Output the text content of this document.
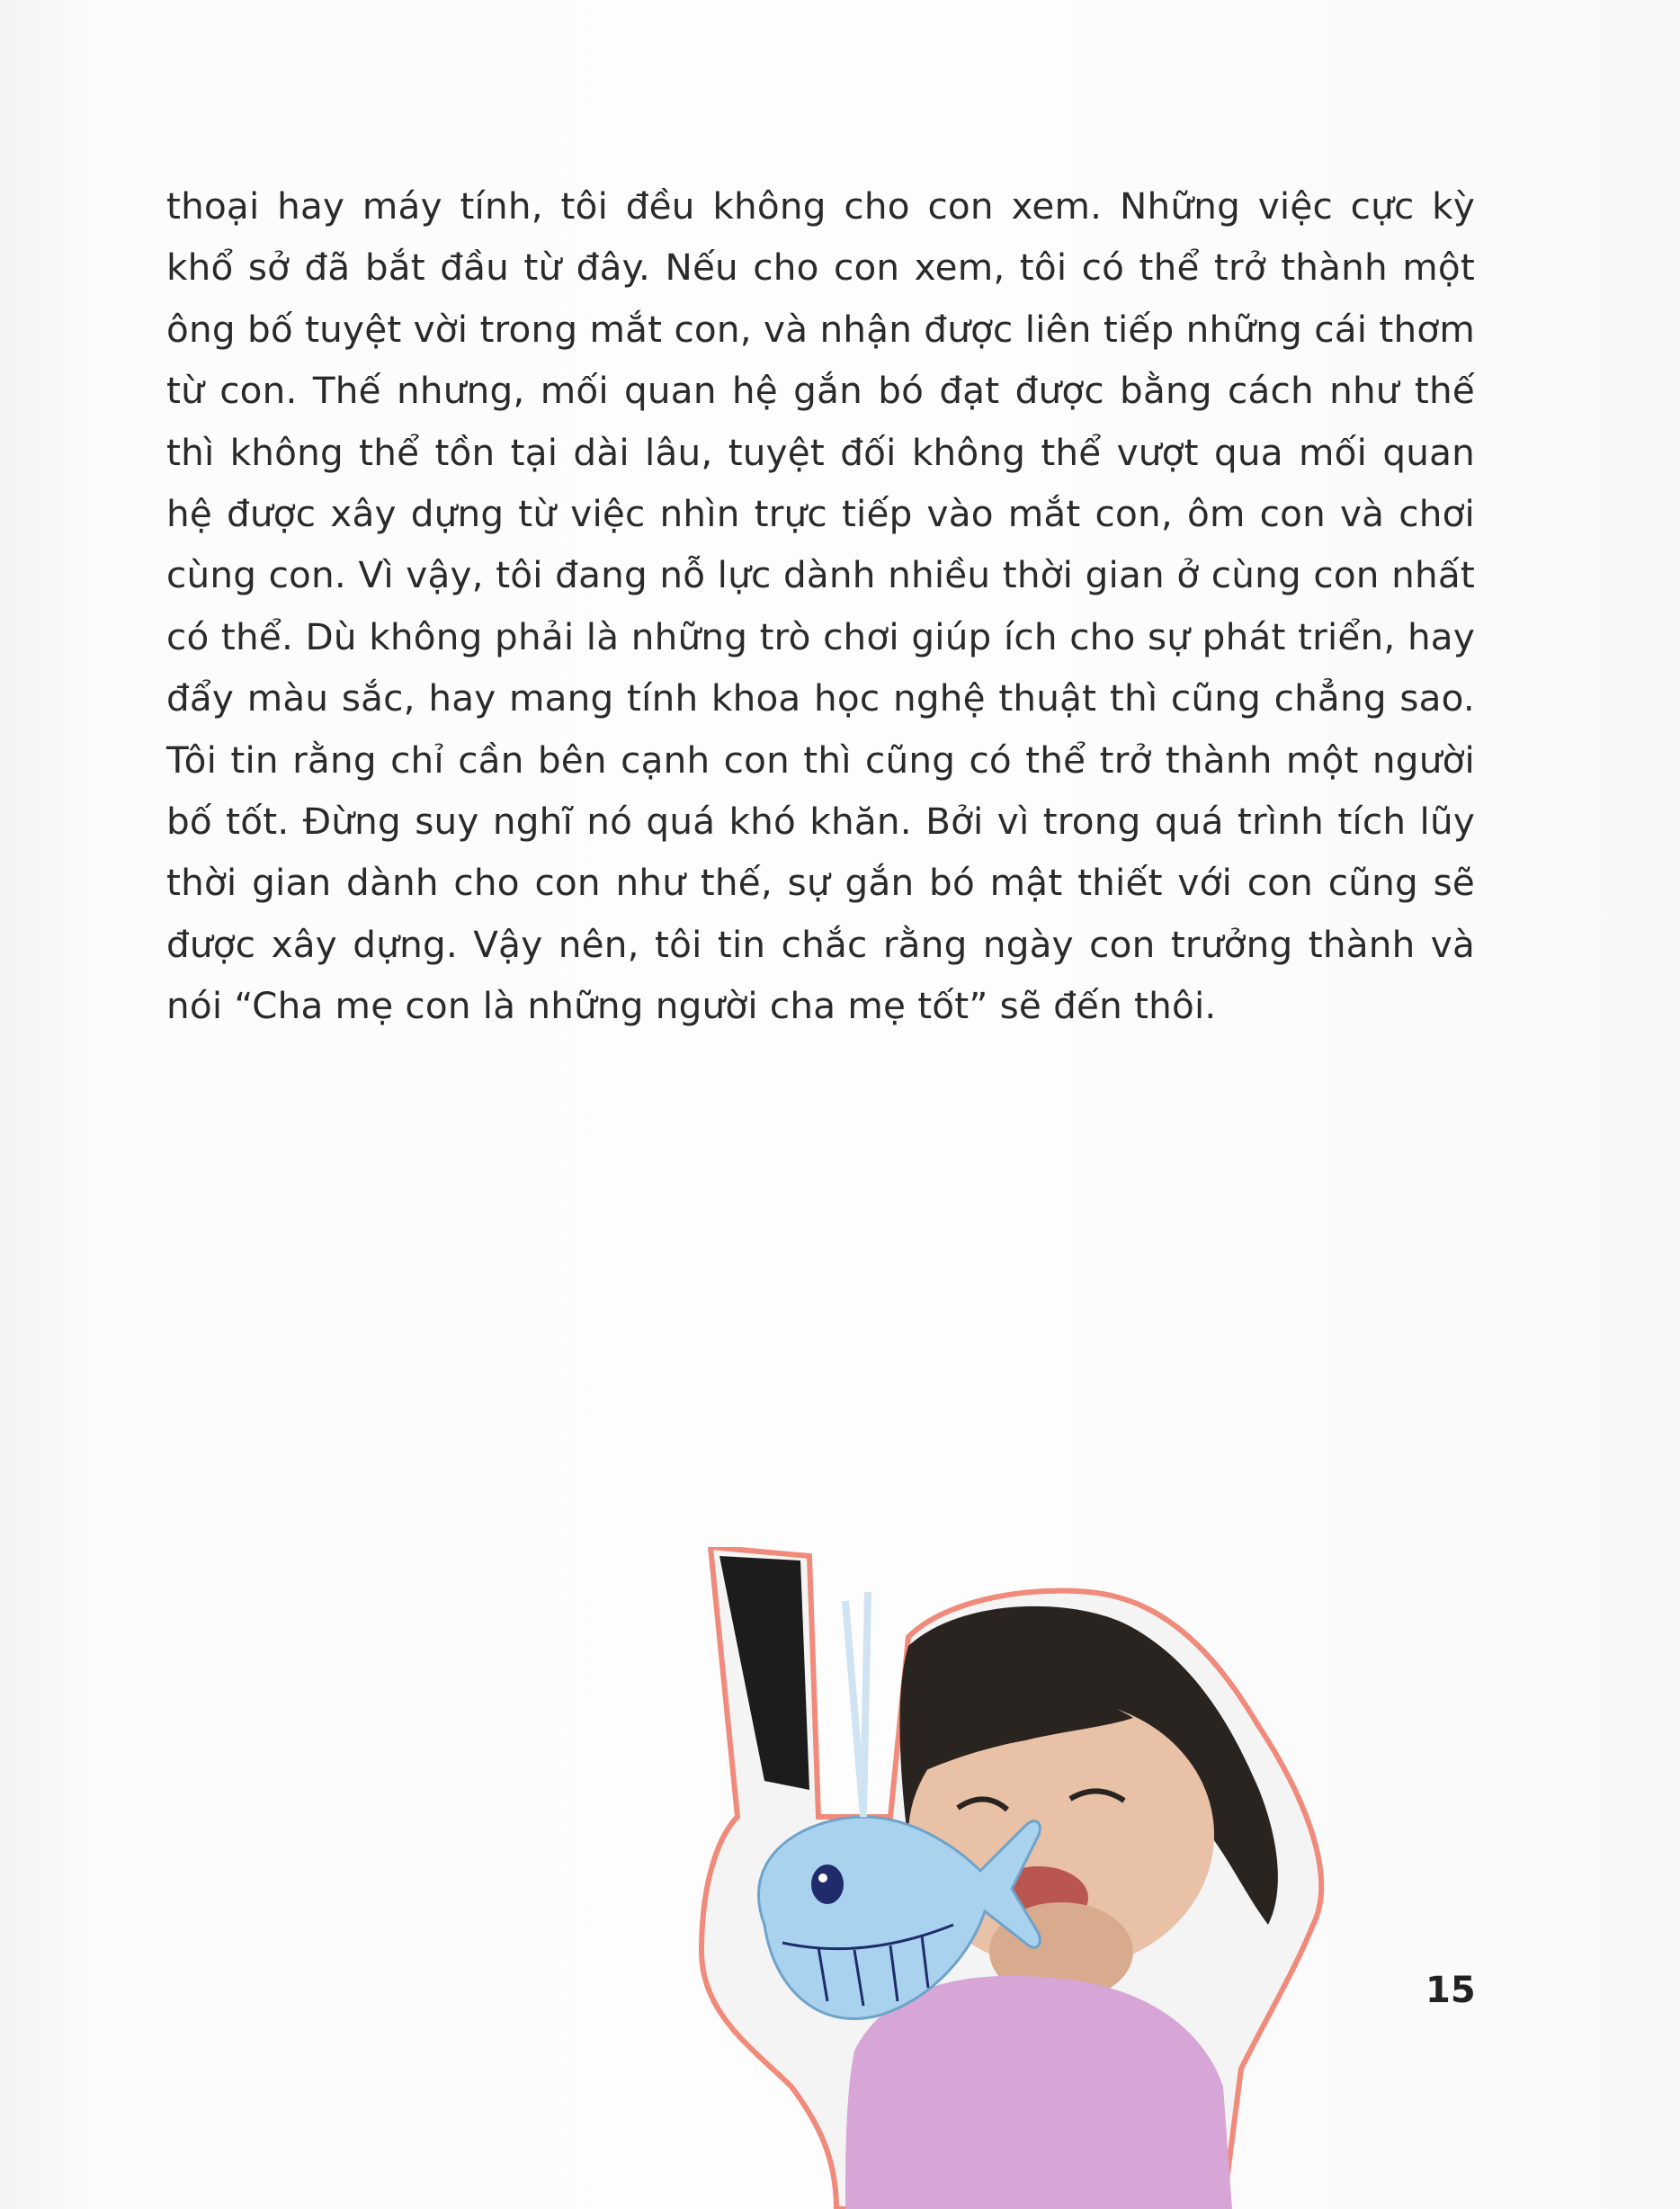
thoại hay máy tính, tôi đều không cho con xem. Những việc cực kỳ khổ sở đã bắt đầu từ đây. Nếu cho con xem, tôi có thể trở thành một ông bố tuyệt vời trong mắt con, và nhận được liên tiếp những cái thơm từ con. Thế nhưng, mối quan hệ gắn bó đạt được bằng cách như thế thì không thể tồn tại dài lâu, tuyệt đối không thể vượt qua mối quan hệ được xây dựng từ việc nhìn trực tiếp vào mắt con, ôm con và chơi cùng con. Vì vậy, tôi đang nỗ lực dành nhiều thời gian ở cùng con nhất có thể. Dù không phải là những trò chơi giúp ích cho sự phát triển, hay đẩy màu sắc, hay mang tính khoa học nghệ thuật thì cũng chẳng sao. Tôi tin rằng chỉ cần bên cạnh con thì cũng có thể trở thành một người bố tốt. Đừng suy nghĩ nó quá khó khăn. Bởi vì trong quá trình tích lũy thời gian dành cho con như thế, sự gắn bó mật thiết với con cũng sẽ được xây dựng. Vậy nên, tôi tin chắc rằng ngày con trưởng thành và nói “Cha mẹ con là những người cha mẹ tốt” sẽ đến thôi.

15
